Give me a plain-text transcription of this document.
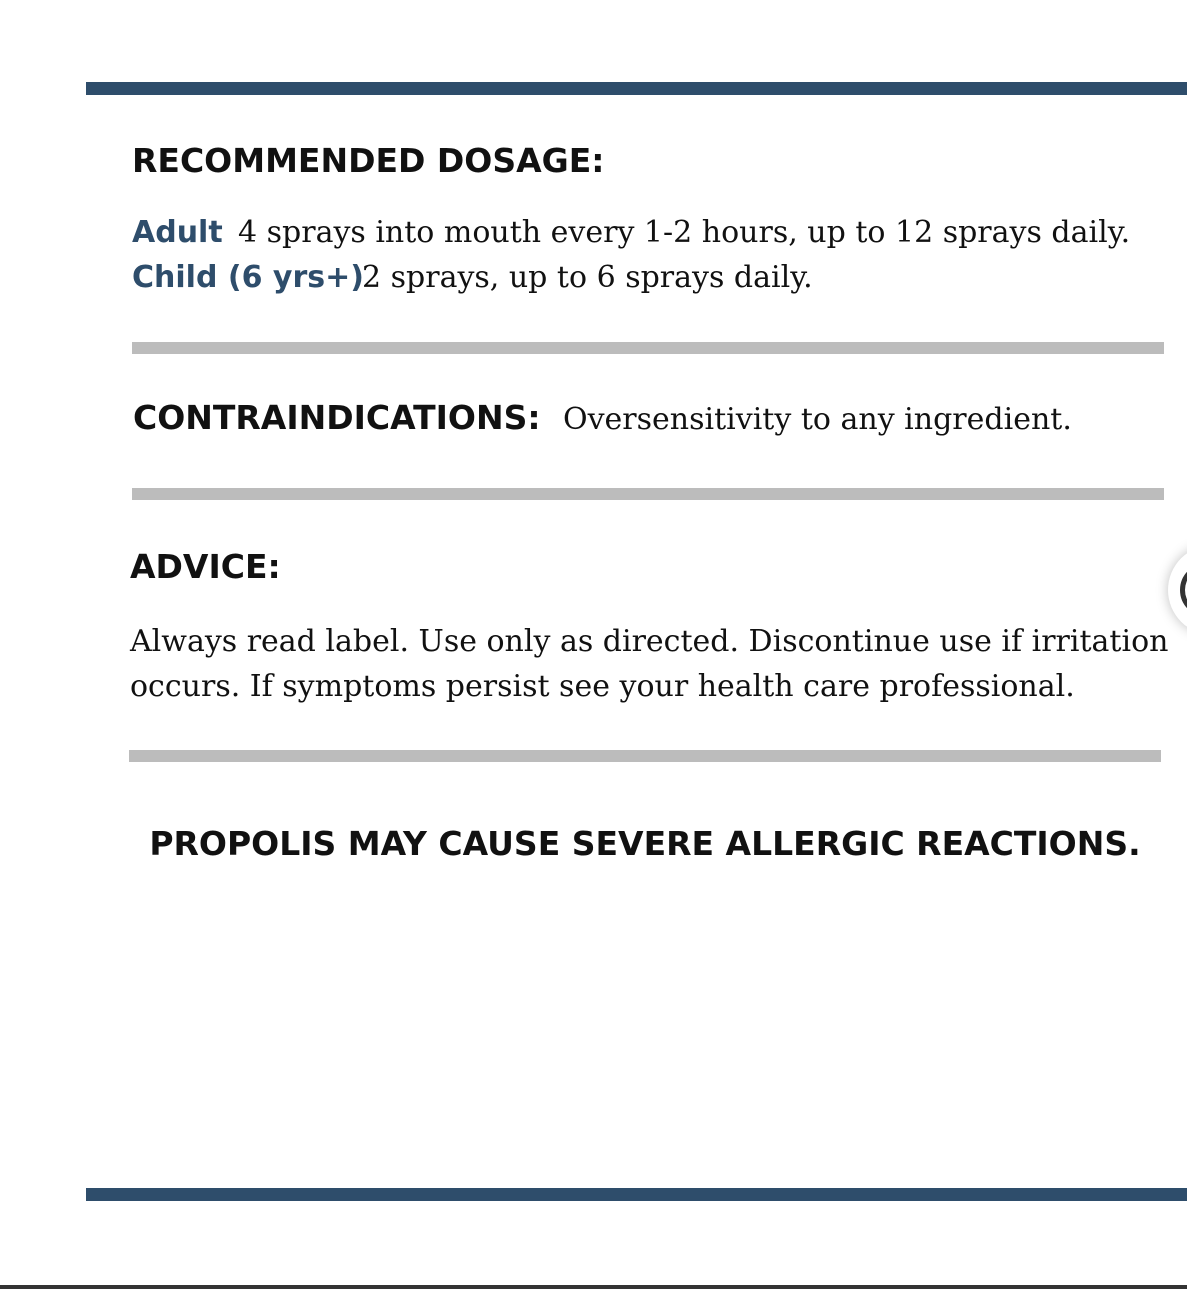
RECOMMENDED DOSAGE:
Adult 4 sprays into mouth every 1-2 hours, up to 12 sprays daily.
Child (6 yrs+)2 sprays, up to 6 sprays daily.
CONTRAINDICATIONS: Oversensitivity to any ingredient.
ADVICE:

Always read label. Use only as directed. Discontinue use if irritation occurs. If symptoms persist see your health care professional.

PROPOLIS MAY CAUSE SEVERE ALLERGIC REACTIONS.
